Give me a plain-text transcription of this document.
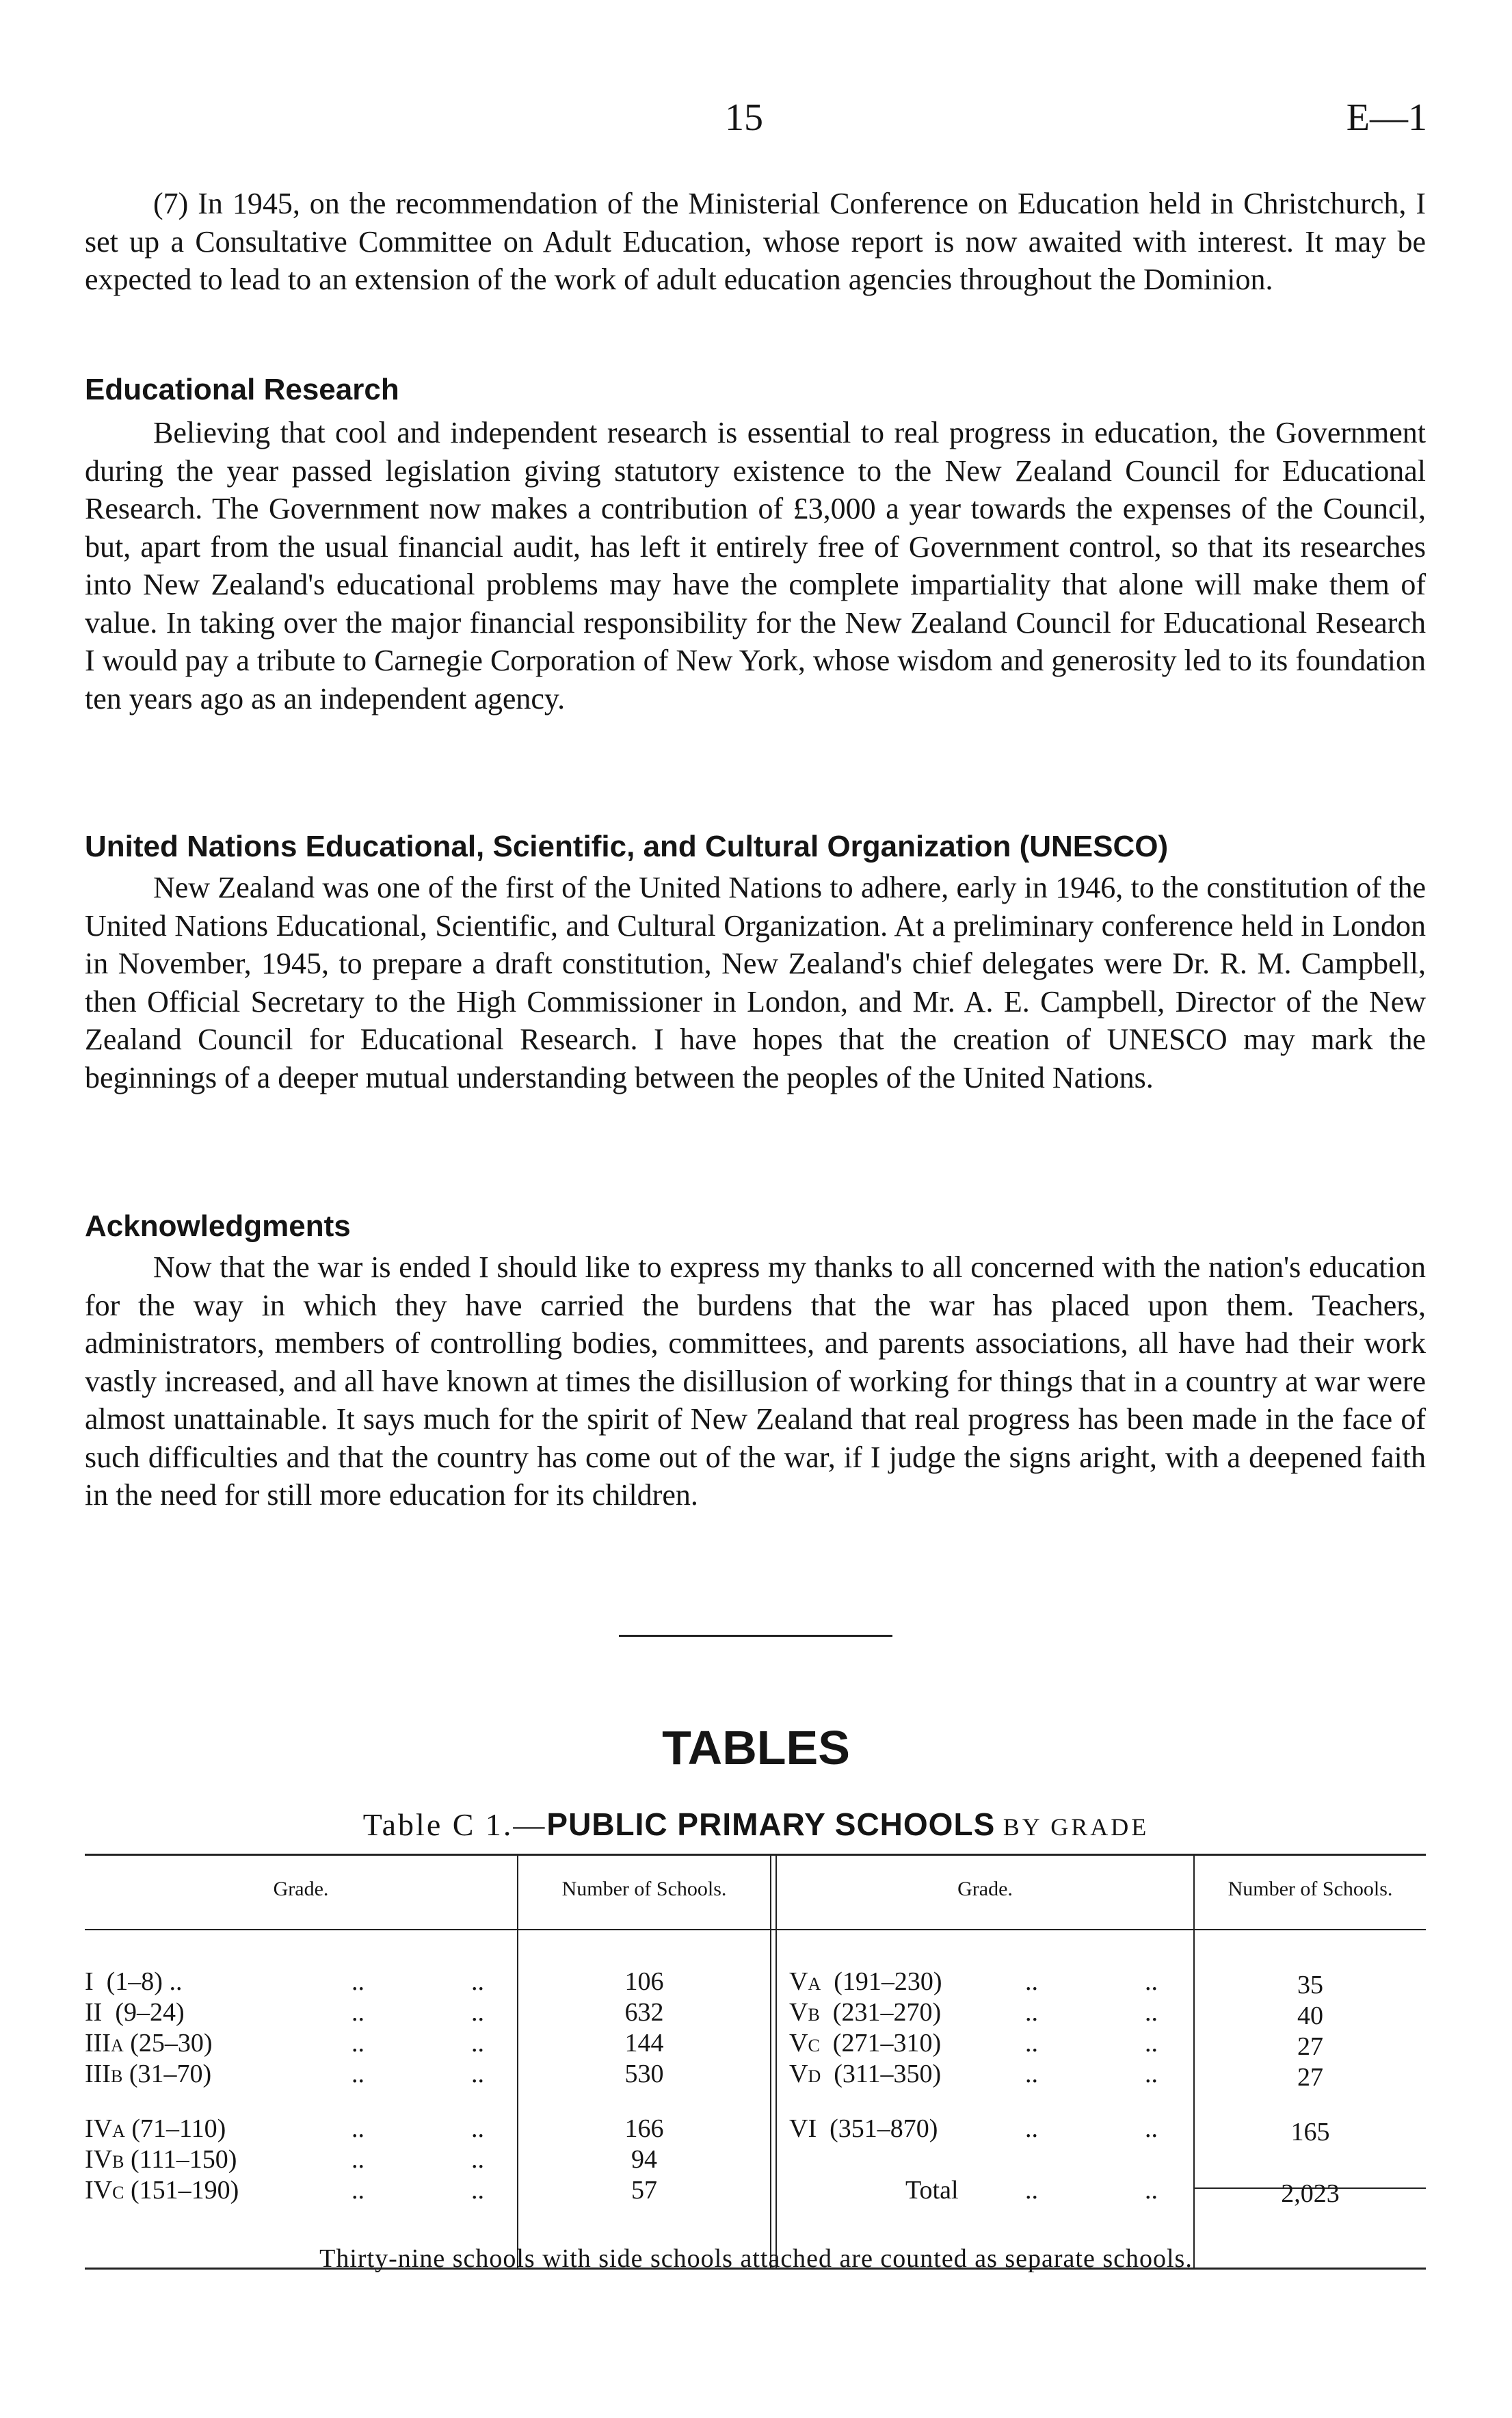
15	E—1

(7) In 1945, on the recommendation of the Ministerial Conference on Education held in Christchurch, I set up a Consultative Committee on Adult Education, whose report is now awaited with interest. It may be expected to lead to an extension of the work of adult education agencies throughout the Dominion.

Educational Research

Believing that cool and independent research is essential to real progress in education, the Government during the year passed legislation giving statutory existence to the New Zealand Council for Educational Research. The Government now makes a contribution of £3,000 a year towards the expenses of the Council, but, apart from the usual financial audit, has left it entirely free of Government control, so that its researches into New Zealand's educational problems may have the complete impartiality that alone will make them of value. In taking over the major financial responsibility for the New Zealand Council for Educational Research I would pay a tribute to Carnegie Corporation of New York, whose wisdom and generosity led to its foundation ten years ago as an independent agency.

United Nations Educational, Scientific, and Cultural Organization (UNESCO)

New Zealand was one of the first of the United Nations to adhere, early in 1946, to the constitution of the United Nations Educational, Scientific, and Cultural Organization. At a preliminary conference held in London in November, 1945, to prepare a draft constitution, New Zealand's chief delegates were Dr. R. M. Campbell, then Official Secretary to the High Commissioner in London, and Mr. A. E. Campbell, Director of the New Zealand Council for Educational Research. I have hopes that the creation of UNESCO may mark the beginnings of a deeper mutual understanding between the peoples of the United Nations.

Acknowledgments

Now that the war is ended I should like to express my thanks to all concerned with the nation's education for the way in which they have carried the burdens that the war has placed upon them. Teachers, administrators, members of controlling bodies, committees, and parents associations, all have had their work vastly increased, and all have known at times the disillusion of working for things that in a country at war were almost unattainable. It says much for the spirit of New Zealand that real progress has been made in the face of such difficulties and that the country has come out of the war, if I judge the signs aright, with a deepened faith in the need for still more education for its children.

TABLES
Table C 1.—PUBLIC PRIMARY SCHOOLS BY GRADE
Grade.	Number of Schools.	Grade.	Number of Schools.
I (1–8) ..	..	..	106
II (9–24)	..	..	632
IIIA (25–30)	..	..	144
IIIB (31–70)	..	..	530
IVA (71–110)	..	..	166
IVB (111–150)	..	..	94
IVC (151–190)	..	..	57
VA (191–230)	..	..	35
VB (231–270)	..	..	40
VC (271–310)	..	..	27
VD (311–350)	..	..	27
VI (351–870)	..	..	165
Total	..	..	2,023
Thirty-nine schools with side schools attached are counted as separate schools.
